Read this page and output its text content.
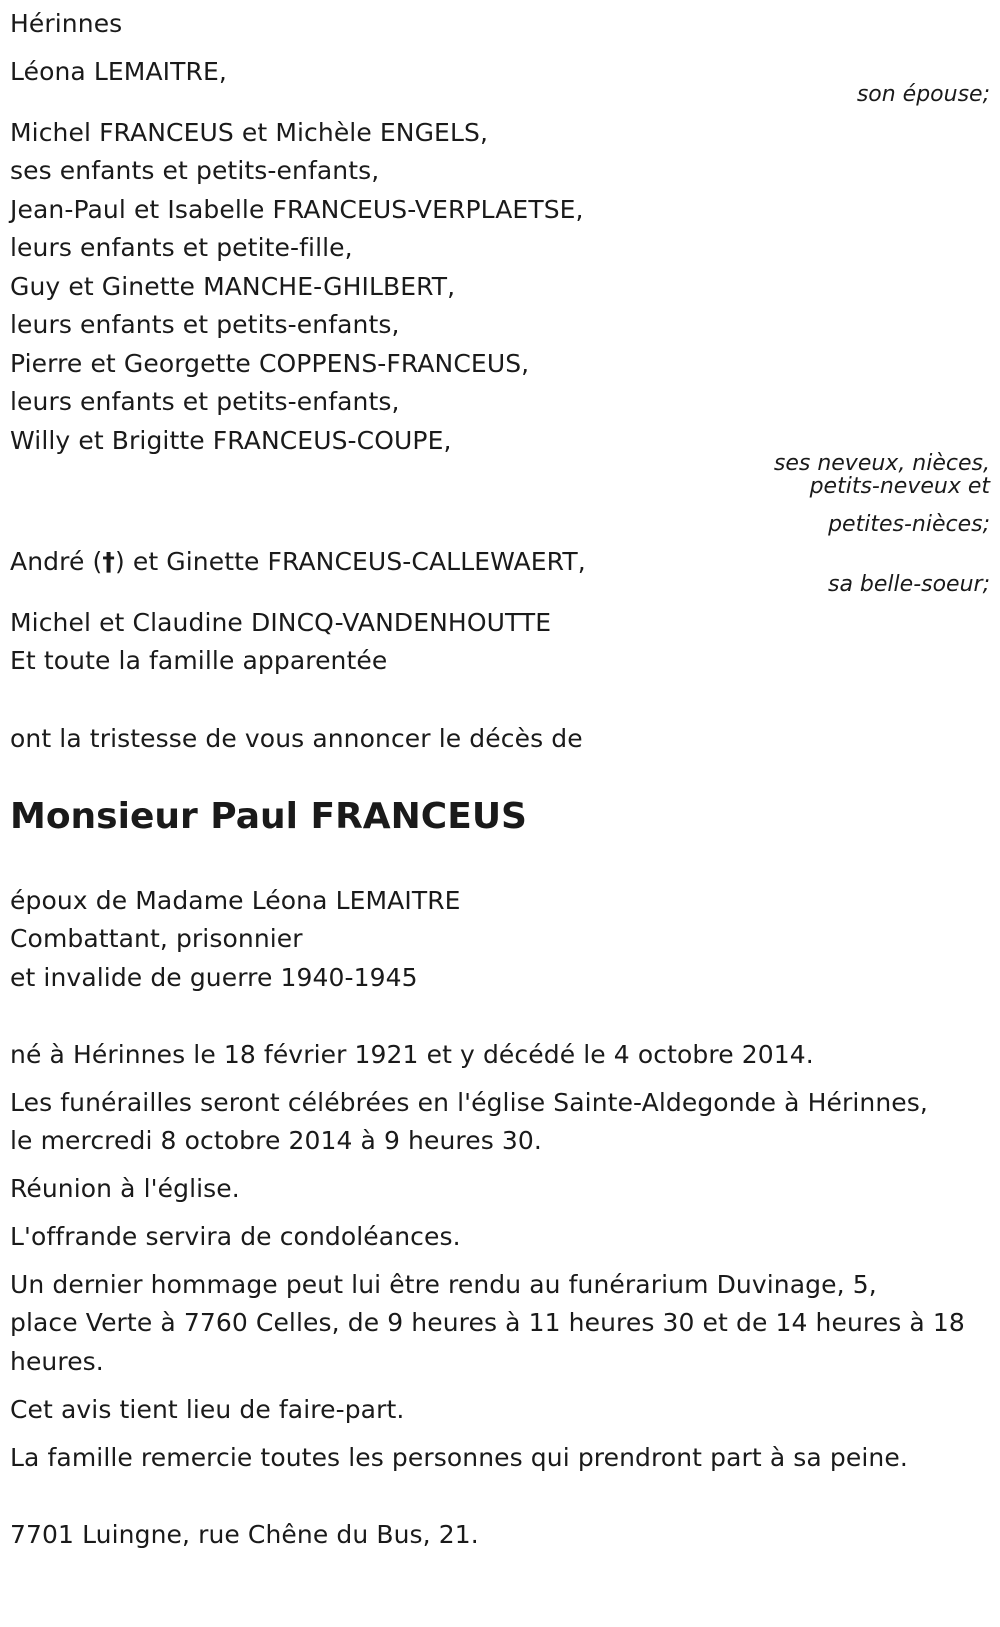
Hérinnes
Léona LEMAITRE,
son épouse;
Michel FRANCEUS et Michèle ENGELS,
ses enfants et petits-enfants,
Jean-Paul et Isabelle FRANCEUS-VERPLAETSE,
leurs enfants et petite-fille,
Guy et Ginette MANCHE-GHILBERT,
leurs enfants et petits-enfants,
Pierre et Georgette COPPENS-FRANCEUS,
leurs enfants et petits-enfants,
Willy et Brigitte FRANCEUS-COUPE,
ses neveux, nièces,
petits-neveux et
petites-nièces;
André (†) et Ginette FRANCEUS-CALLEWAERT,
sa belle-soeur;
Michel et Claudine DINCQ-VANDENHOUTTE
Et toute la famille apparentée
ont la tristesse de vous annoncer le décès de
Monsieur Paul FRANCEUS
époux de Madame Léona LEMAITRE
Combattant, prisonnier
et invalide de guerre 1940-1945
né à Hérinnes le 18 février 1921 et y décédé le 4 octobre 2014.
Les funérailles seront célébrées en l'église Sainte-Aldegonde à Hérinnes,
le mercredi 8 octobre 2014 à 9 heures 30.
Réunion à l'église.
L'offrande servira de condoléances.
Un dernier hommage peut lui être rendu au funérarium Duvinage, 5,
place Verte à 7760 Celles, de 9 heures à 11 heures 30 et de 14 heures à 18
heures.
Cet avis tient lieu de faire-part.
La famille remercie toutes les personnes qui prendront part à sa peine.
7701 Luingne, rue Chêne du Bus, 21.
